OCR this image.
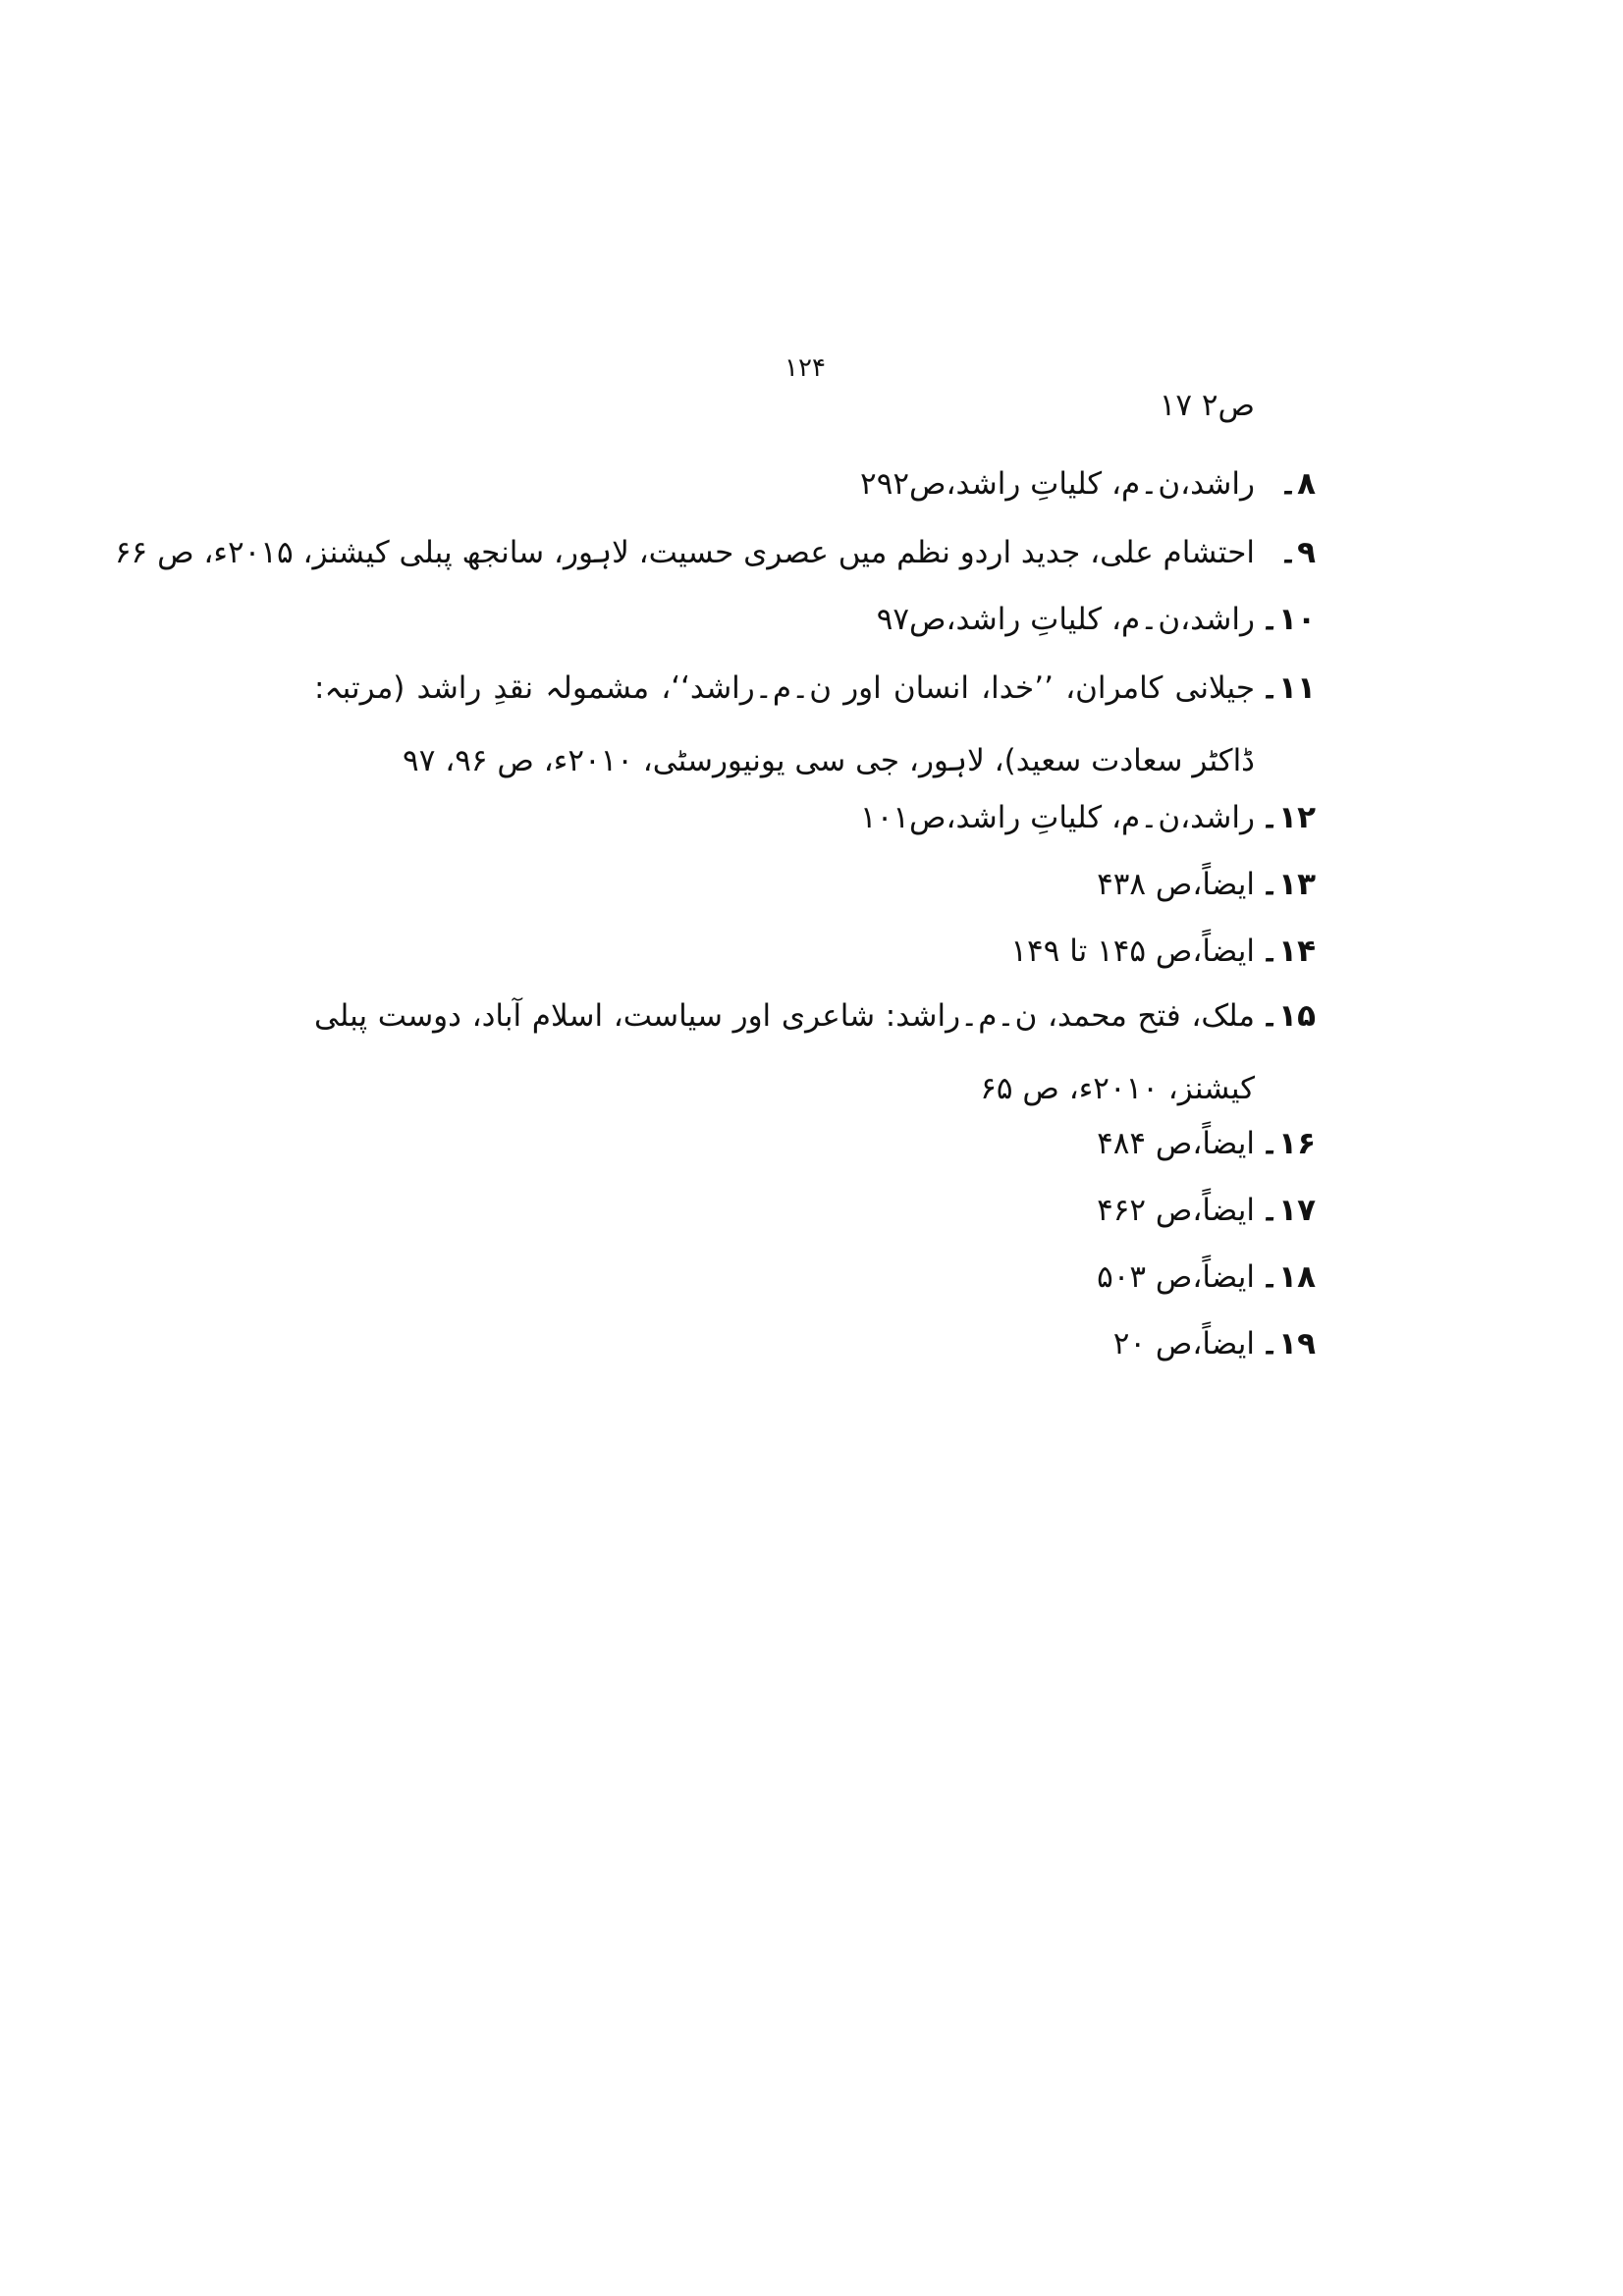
۱۲۴
ص۲ ۱۷
۸۔
راشد،ن۔م، کلیاتِ راشد،ص۲۹۲
۹۔
احتشام علی، جدید اردو نظم میں عصری حسیت، لاہور، سانجھ پبلی کیشنز، ۲۰۱۵ء، ص ۶۶
۱۰۔
راشد،ن۔م، کلیاتِ راشد،ص۹۷
۱۱۔
جیلانی کامران، ’’خدا، انسان اور ن۔م۔راشد‘‘، مشمولہ نقدِ راشد (مرتبہ: ڈاکٹر سعادت سعید)، لاہور، جی سی یونیورسٹی، ۲۰۱۰ء، ص ۹۶، ۹۷
۱۲۔
راشد،ن۔م، کلیاتِ راشد،ص۱۰۱
۱۳۔
ایضاً،ص ۴۳۸
۱۴۔
ایضاً،ص ۱۴۵ تا ۱۴۹
۱۵۔
ملک، فتح محمد، ن۔م۔راشد: شاعری اور سیاست، اسلام آباد، دوست پبلی کیشنز، ۲۰۱۰ء، ص ۶۵
۱۶۔
ایضاً،ص ۴۸۴
۱۷۔
ایضاً،ص ۴۶۲
۱۸۔
ایضاً،ص ۵۰۳
۱۹۔
ایضاً،ص ۲۰
